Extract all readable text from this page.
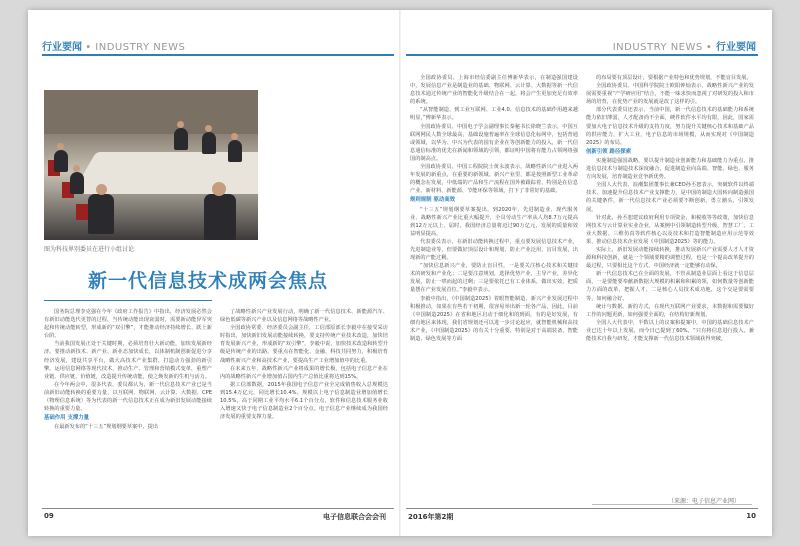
行业要闻 • INDUSTRY NEWS
图为科技界别委员在进行小组讨论
新一代信息技术成两会焦点

国务院总理李克强在今年《政府工作报告》中指出，经济发展必然会有新旧动能迭代更替的过程，当传统动能出现衰弱时，需要新动能异军突起和传统动能转型，形成新的“双引擎”，才能推动经济持续增长、跃上新台阶。

当前我国发展正处于关键时期，必须培育壮大新动能，加快发展新经济。要推动新技术、新产业、新业态加快成长，以体制机制创新促进分享经济发展，建设共享平台，做大高技术产业集群，打造动力强劲的新引擎。运用信息网络等现代技术，推动生产、管理和营销模式变革，重塑产业链、供应链、价值链，改造提升传统动能，使之焕发新的生机与活力。

在今年两会中，很多代表、委员都认为，新一代信息技术产业已是当前新旧动能转换的重要力量，以互联网、物联网、云计算、大数据、CPE（物理信息系统）等为代表的新一代信息技术正在成为新旧发展动能接续转换的重要力量。

基础作用 支撑力量

在最新发布的“十三五”规划纲要草案中，提出

了战略性新兴产业发展行动，明确了新一代信息技术、新能源汽车、绿色低碳等新兴产业以及信息网络等战略性产业。

全国政协常委、经济委员会副主任，工信部原部长李毅中在接受采访时指出，加快新旧发展动能接续转换，要支持传统产业技术改造，加快培育发展新兴产业，形成新的“双引擎”，李毅中说，加快技术改造和转型升级是传统产业的出路，要重点在智能化、金融、科技共同努力，积极培育战略性新兴产业和高技术产业，要提高生产工业增加值中的比重。

在未来五年，战略性新兴产业将成果的增长极，包括电子信息产业在内的战略性新兴产业增加值占国内生产总值比重将达到15%。

据工信部数据，2015年我国电子信息产业全完成销售收入总规模达到15.4万亿元，同比增长10.4%。规模以上电子信息制造业增加值增长10.5%，高于同期工业平均水平6.1个百分点，软件和信息技术服务业收入增速又快于电子信息制造业2个百分点。电子信息产业继续成为我国经济发展的重要支撑力量。

09	电子信息联合会会刊
INDUSTRY NEWS • 行业要闻

全国政协委员、上海市经信委副主任傅新华表示，在制造强国建设中，发展信息产业是制造业的基础、物联网、云计算、大数据等新一代信息技术通过传统产业的智能化升级结合在一起，将会产生更加充足有效率的系统。

“从智能制造、到工业互联网、工业4.0、信息技术的基础作用越来越明显，”傅新华表示。

全国政协委员、中国电子学会副理事长秦秘书长徐晓兰表示，中国互联网网民人数全球最高，基础设施普遍率在全球信息化标网中，包括普通或领域，以华为、中兴为代表的国有企业在等创新能力的投入，新一代信息通信标准的优先在新闻和领域的引领，都证明中国将有能力占领网络强国的制高点。

全国政协委员、中国工程院院士黄永波表示，战略性新兴产业进入两年发展的新重点，在重要的新领域、新兴产业里，都是按照新型工业革命的概念在发展，中低端的产品和生产流程在国外被跟踪着，特别是在信息产业、新材料、新能源、节能环保等领域，打下了非常好的基础。

规则规制 驱动高效

“十三五”规划纲要草案提出，到2020年，先进制造业、现代服务业、战略性新兴产业比重大幅提升，全员劳动生产率从人均8.7万元提高到12万元以上，届时，我国经济总量将迈过90万亿元，发展的质量和效益明显提高。

代表委员表示，在新旧动能转换过程中，重点要发展信息技术产业，先进制造业等。但要做好顶层设计和规划，防止产业泛用、盲目发展，出现新的产能过剩。

“加快信息新兴产业，要防止盲目性，一是要关注核心技术和关键技术的研发和产业化；二是要注意规划，选择优势产业，主导产业，差异化发展，防止一哄而起的过剩；三是要依托已有工业体系，做出实效，把质量摆在产业发展首位。”李毅中表示。

李毅中指出，《中国制造2025》着眼智能制造，新兴产业发展过程中积极推动，如果在有些若干初期，很容易举出新一轮各产品，因此，目前《中国制造2025》在省和地区启动于细化和的到面，有的是好发展，有细有地区来体现，我们省规划还可以进一步讨论起应，就智能机械和高技术产业，《中国制造2025》的有关十分重要，特别是对于高端装备、智能制造、绿色发展等方面

的布局要有顶层设计，要根据产业特色和优势规划，不能盲目发展。

全国政协委员、中国科学院院士欧阳钟灿表示，战略性新兴产业的发展需要重视“产学研应用”结合，不能一味求快而忽视了对研发的投入和市场的培育，在优势产业的发展就是改了这样的引。

部分代表委员还表示，当前中国，新一代信息技术的基础能力和系统能力依旧薄弱，人才配备尚不全面，硬件软件水平均有限，因此，国家需要加大电子信息技术升级的支持力度，努力提升关键核心技术和基础产品的供应能力，扩大工业，电子信息的市场规模，从而实现对《中国制造2025》的布局。

创新引领 路径探索

实施制造强国战略，要以提升制造业创新能力和基础能力为重点，推进信息技术与制造技术深度融合，促进制造业向高端、智能、绿色、服务方向发展，培育制造业竞争新优势。

全国人大代表、浪潮集团董事长兼CEO孙丕恕表示，突破软件以终端技术、加速提升信息技术产业支撑能力，是中国的制造大国转向制造强国的关键条件，新一代信息技术产业必须要不断创新，勇立潮头，引领发展。

针对此，孙丕恕建议政府利用专项资金，和税收等等政策，加快信息网技术与云计算业实业企业，从案例中引领制造转型升级，智慧工厂、工业大数据、三维仿真等软件核心以及技术和打造智能制造应用示范等效果，推动信息技术企业发展《中国制造2025》等的能力。

实际上，新旧发展动能接续转换，推动发展新兴产业需要人才人才资源和科技创新，就是一个领域要精的调整过程，也是一个提高改革提升的最过程，只要相比这个方式，中国经济就一定能够有动保，

新一代信息技术已在全面的发展，不管从制造业层面上看这于信息层面，一是要能要奉献新数据大规模的积累和积累的领，如何数量等创新能力方面的改革，把握人才、二是核心人员技术成功地，这个交是要需要等，如何融合好。

统计与数据。新的方式，在现代互联网产业要求，本数据和需要做好工作的问题更新，如何强要全面的，在结构好新规划。

全国人大代表中，半数以上的议案和提案中，中国的基础信息技术产业已达十年以上发展，而今日已提到了60%，“只有将信息进行投入，兼能技术自我与研发，才能支撑新一代信息技术领域获得突破。

（来源：电子信息产业网）
2016年第2期	10
